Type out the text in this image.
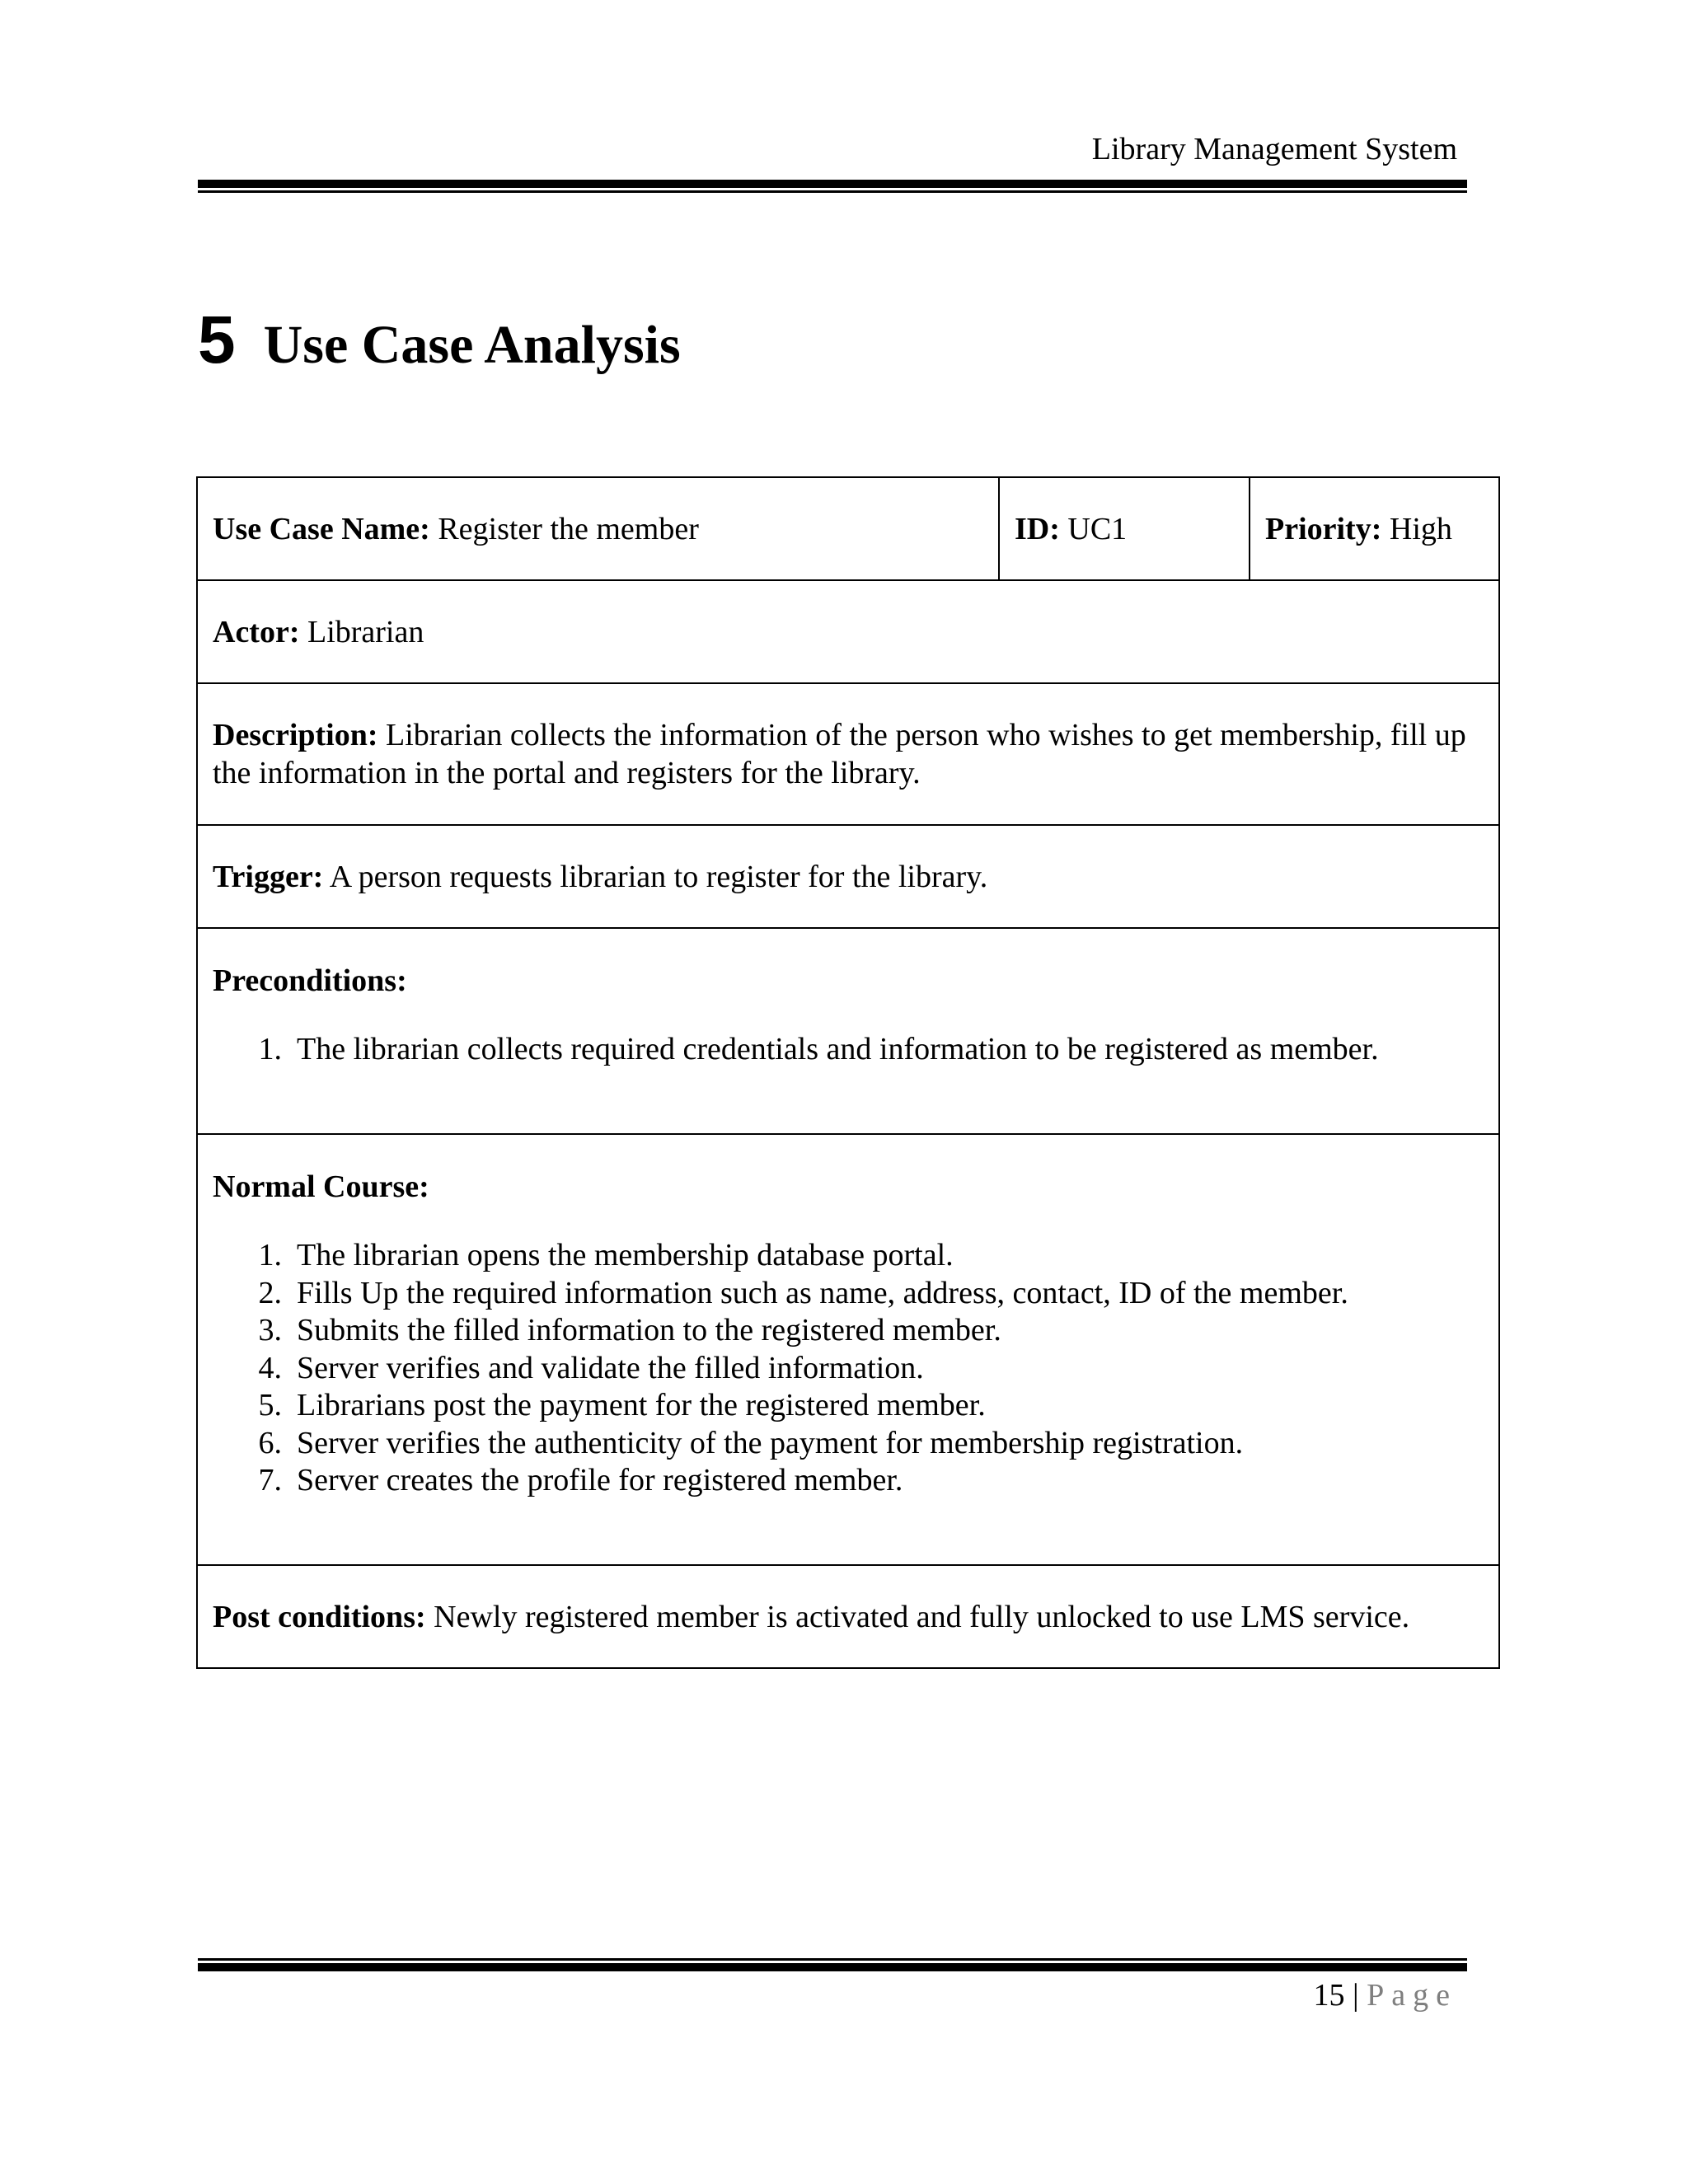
Library Management System
5 Use Case Analysis
Use Case Name: Register the member	ID: UC1	Priority: High
Actor: Librarian
Description: Librarian collects the information of the person who wishes to get membership, fill up the information in the portal and registers for the library.
Trigger: A person requests librarian to register for the library.

Preconditions:
1. The librarian collects required credentials and information to be registered as member.

Normal Course:
1. The librarian opens the membership database portal.
2. Fills Up the required information such as name, address, contact, ID of the member.
3. Submits the filled information to the registered member.
4. Server verifies and validate the filled information.
5. Librarians post the payment for the registered member.
6. Server verifies the authenticity of the payment for membership registration.
7. Server creates the profile for registered member.

Post conditions: Newly registered member is activated and fully unlocked to use LMS service.
15 | Page
